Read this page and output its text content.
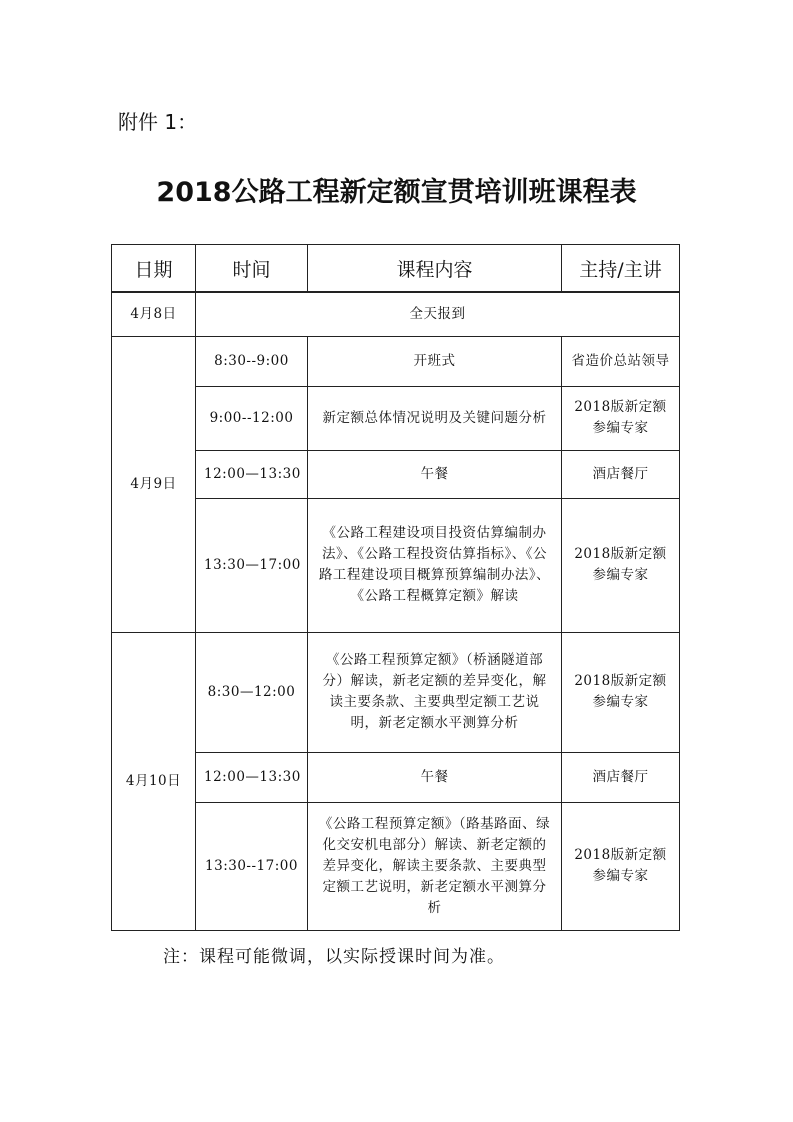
附件 1：
2018公路工程新定额宣贯培训班课程表
日期	时间	课程内容	主持/主讲
4月8日	全天报到		
4月9日	8:30--9:00	开班式	省造价总站领导
	9:00--12:00	新定额总体情况说明及关键问题分析	2018版新定额参编专家
	12:00—13:30	午餐	酒店餐厅
	13:30—17:00	《公路工程建设项目投资估算编制办法》、《公路工程投资估算指标》、《公路工程建设项目概算预算编制办法》、《公路工程概算定额》解读	2018版新定额参编专家
4月10日	8:30—12:00	《公路工程预算定额》（桥涵隧道部分）解读，新老定额的差异变化，解读主要条款、主要典型定额工艺说明，新老定额水平测算分析	2018版新定额参编专家
	12:00—13:30	午餐	酒店餐厅
	13:30--17:00	《公路工程预算定额》（路基路面、绿化交安机电部分）解读、新老定额的差异变化，解读主要条款、主要典型定额工艺说明，新老定额水平测算分析	2018版新定额参编专家
注：课程可能微调，以实际授课时间为准。
